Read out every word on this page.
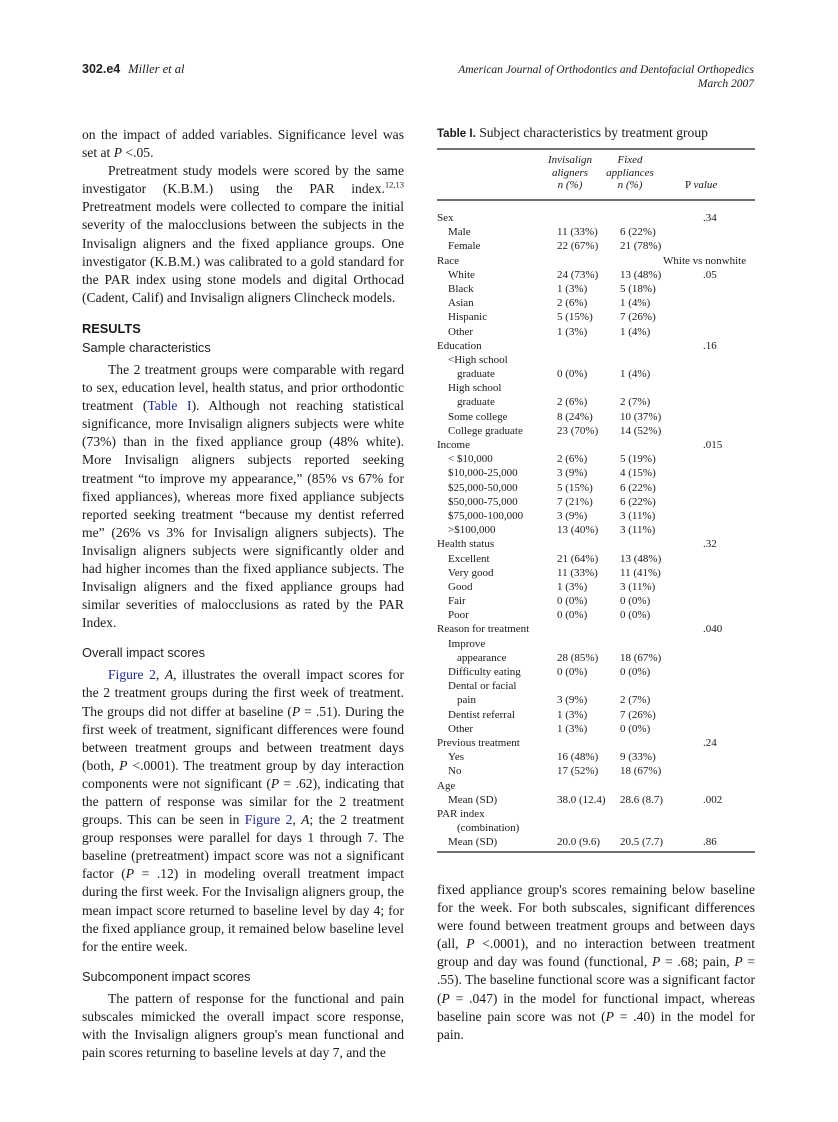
302.e4 Miller et al	American Journal of Orthodontics and Dentofacial Orthopedics
March 2007

on the impact of added variables. Significance level was set at P <.05.

Pretreatment study models were scored by the same investigator (K.B.M.) using the PAR index.$^{12,13}$ Pretreatment models were collected to compare the initial severity of the malocclusions between the subjects in the Invisalign aligners and the fixed appliance groups. One investigator (K.B.M.) was calibrated to a gold standard for the PAR index using stone models and digital Orthocad (Cadent, Calif) and Invisalign aligners Clincheck models.

RESULTS
Sample characteristics

The 2 treatment groups were comparable with regard to sex, education level, health status, and prior orthodontic treatment (Table I). Although not reaching statistical significance, more Invisalign aligners subjects were white (73%) than in the fixed appliance group (48% white). More Invisalign aligners subjects reported seeking treatment “to improve my appearance,” (85% vs 67% for fixed appliances), whereas more fixed appliance subjects reported seeking treatment “because my dentist referred me” (26% vs 3% for Invisalign aligners subjects). The Invisalign aligners subjects were significantly older and had higher incomes than the fixed appliance subjects. The Invisalign aligners and the fixed appliance groups had similar severities of malocclusions as rated by the PAR Index.

Overall impact scores

Figure 2, A, illustrates the overall impact scores for the 2 treatment groups during the first week of treatment. The groups did not differ at baseline (P = .51). During the first week of treatment, significant differences were found between treatment groups and between treatment days (both, P <.0001). The treatment group by day interaction components were not significant (P = .62), indicating that the pattern of response was similar for the 2 treatment groups. This can be seen in Figure 2, A; the 2 treatment group responses were parallel for days 1 through 7. The baseline (pretreatment) impact score was not a significant factor (P = .12) in modeling overall treatment impact during the first week. For the Invisalign aligners group, the mean impact score returned to baseline level by day 4; for the fixed appliance group, it remained below baseline level for the entire week.

Subcomponent impact scores

The pattern of response for the functional and pain subscales mimicked the overall impact score response, with the Invisalign aligners group's mean functional and pain scores returning to baseline levels at day 7, and the

Table I. Subject characteristics by treatment group
Invisalign
aligners
n (%)
Fixed
appliances
n (%)	P value
Sex	.34
Male	11 (33%) 6 (22%)
Female	22 (67%) 21 (78%)
Race	White vs nonwhite
White	24 (73%) 13 (48%)	.05
Black	1 (3%)	5 (18%)
Asian	2 (6%)	1 (4%)
Hispanic	5 (15%) 7 (26%)
Other	1 (3%)	1 (4%)
Education	.16
<High school
graduate	0 (0%)	1 (4%)
High school
graduate	2 (6%)	2 (7%)
Some college	8 (24%) 10 (37%)
College graduate	23 (70%) 14 (52%)
Income	.015
< $10,000	2 (6%)	5 (19%)
$10,000-25,000	3 (9%)	4 (15%)
$25,000-50,000	5 (15%) 6 (22%)
$50,000-75,000	7 (21%) 6 (22%)
$75,000-100,000	3 (9%)	3 (11%)
>$100,000	13 (40%) 3 (11%)
Health status	.32
Excellent	21 (64%) 13 (48%)
Very good	11 (33%) 11 (41%)
Good	1 (3%)	3 (11%)
Fair	0 (0%)	0 (0%)
Poor	0 (0%)	0 (0%)
Reason for treatment	.040
Improve
appearance	28 (85%) 18 (67%)
Difficulty eating	0 (0%)	0 (0%)
Dental or facial
pain	3 (9%)	2 (7%)
Dentist referral	1 (3%)	7 (26%)
Other	1 (3%)	0 (0%)
Previous treatment	.24
Yes	16 (48%) 9 (33%)
No	17 (52%) 18 (67%)
Age
Mean (SD)	38.0 (12.4) 28.6 (8.7)	.002
PAR index
(combination)
Mean (SD)	20.0 (9.6) 20.5 (7.7)	.86

fixed appliance group's scores remaining below baseline for the week. For both subscales, significant differences were found between treatment groups and between days (all, P <.0001), and no interaction between treatment group and day was found (functional, P = .68; pain, P = .55). The baseline functional score was a significant factor (P = .047) in the model for functional impact, whereas baseline pain score was not (P = .40) in the model for pain.
